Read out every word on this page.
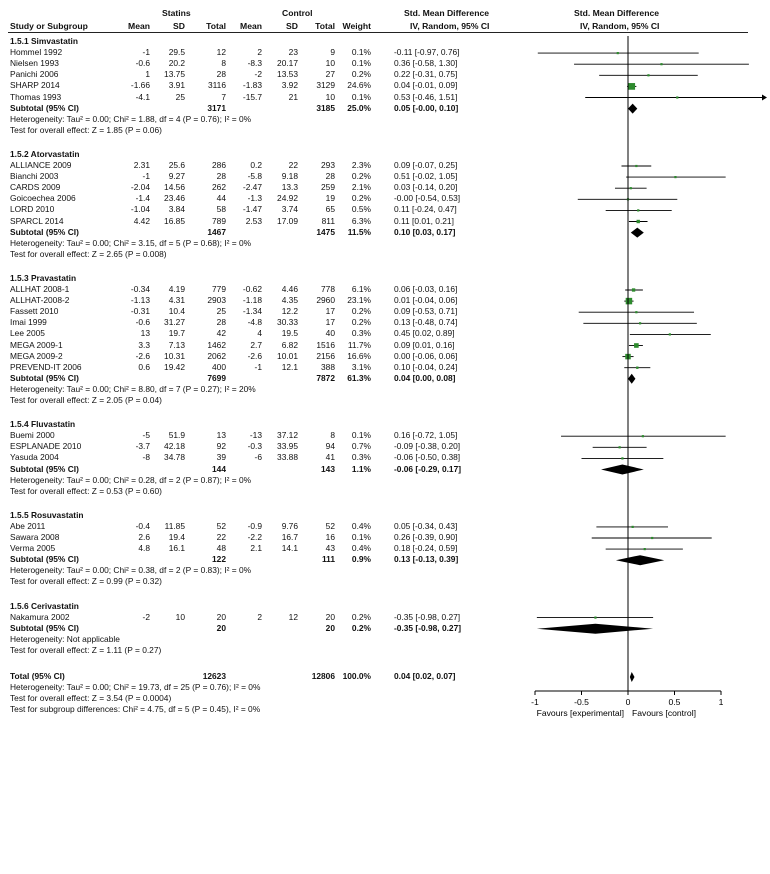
Statins	Control	Std. Mean Difference
Study or Subgroup	Mean	SD	Total	Mean	SD	Total Weight	IV, Random, 95% CI
Std. Mean Difference
IV, Random, 95% CI
1.5.1 Simvastatin
Hommel 1992	-1	29.5	12	2	23	9	0.1%	-0.11 [-0.97, 0.76]
Nielsen 1993	-0.6	20.2	8	-8.3	20.17	10	0.1%	0.36 [-0.58, 1.30]
Panichi 2006	1	13.75	28	-2	13.53	27	0.2%	0.22 [-0.31, 0.75]
SHARP 2014	-1.66	3.91	3116	-1.83	3.92	3129	24.6%	0.04 [-0.01, 0.09]
Thomas 1993	-4.1	25	7	-15.7	21	10	0.1%	0.53 [-0.46, 1.51]
Subtotal (95% CI)	3171	3185	25.0%	0.05 [-0.00, 0.10]
Heterogeneity: Tau² = 0.00; Chi² = 1.88, df = 4 (P = 0.76); I² = 0%
Test for overall effect: Z = 1.85 (P = 0.06)
1.5.2 Atorvastatin
ALLIANCE 2009	2.31	25.6	286	0.2	22	293	2.3%	0.09 [-0.07, 0.25]
Bianchi 2003	-1	9.27	28	-5.8	9.18	28	0.2%	0.51 [-0.02, 1.05]
CARDS 2009	-2.04	14.56	262	-2.47	13.3	259	2.1%	0.03 [-0.14, 0.20]
Goicoechea 2006	-1.4	23.46	44	-1.3	24.92	19	0.2%	-0.00 [-0.54, 0.53]
LORD 2010	-1.04	3.84	58	-1.47	3.74	65	0.5%	0.11 [-0.24, 0.47]
SPARCL 2014	4.42	16.85	789	2.53	17.09	811	6.3%	0.11 [0.01, 0.21]
Subtotal (95% CI)	1467	1475	11.5%	0.10 [0.03, 0.17]
Heterogeneity: Tau² = 0.00; Chi² = 3.15, df = 5 (P = 0.68); I² = 0%
Test for overall effect: Z = 2.65 (P = 0.008)
1.5.3 Pravastatin
ALLHAT 2008-1	-0.34	4.19	779	-0.62	4.46	778	6.1%	0.06 [-0.03, 0.16]
ALLHAT-2008-2	-1.13	4.31	2903	-1.18	4.35	2960	23.1%	0.01 [-0.04, 0.06]
Fassett 2010	-0.31	10.4	25	-1.34	12.2	17	0.2%	0.09 [-0.53, 0.71]
Imai 1999	-0.6	31.27	28	-4.8	30.33	17	0.2%	0.13 [-0.48, 0.74]
Lee 2005	13	19.7	42	4	19.5	40	0.3%	0.45 [0.02, 0.89]
MEGA 2009-1	3.3	7.13	1462	2.7	6.82	1516	11.7%	0.09 [0.01, 0.16]
MEGA 2009-2	-2.6	10.31	2062	-2.6	10.01	2156	16.6%	0.00 [-0.06, 0.06]
PREVEND-IT 2006	0.6	19.42	400	-1	12.1	388	3.1%	0.10 [-0.04, 0.24]
Subtotal (95% CI)	7699	7872	61.3%	0.04 [0.00, 0.08]
Heterogeneity: Tau² = 0.00; Chi² = 8.80, df = 7 (P = 0.27); I² = 20%
Test for overall effect: Z = 2.05 (P = 0.04)
1.5.4 Fluvastatin
Buemi 2000	-5	51.9	13	-13	37.12	8	0.1%	0.16 [-0.72, 1.05]
ESPLANADE 2010	-3.7	42.18	92	-0.3	33.95	94	0.7%	-0.09 [-0.38, 0.20]
Yasuda 2004	-8	34.78	39	-6	33.88	41	0.3%	-0.06 [-0.50, 0.38]
Subtotal (95% CI)	144	143	1.1%	-0.06 [-0.29, 0.17]
Heterogeneity: Tau² = 0.00; Chi² = 0.28, df = 2 (P = 0.87); I² = 0%
Test for overall effect: Z = 0.53 (P = 0.60)
1.5.5 Rosuvastatin
Abe 2011	-0.4	11.85	52	-0.9	9.76	52	0.4%	0.05 [-0.34, 0.43]
Sawara 2008	2.6	19.4	22	-2.2	16.7	16	0.1%	0.26 [-0.39, 0.90]
Verma 2005	4.8	16.1	48	2.1	14.1	43	0.4%	0.18 [-0.24, 0.59]
Subtotal (95% CI)	122	111	0.9%	0.13 [-0.13, 0.39]
Heterogeneity: Tau² = 0.00; Chi² = 0.38, df = 2 (P = 0.83); I² = 0%
Test for overall effect: Z = 0.99 (P = 0.32)
1.5.6 Cerivastatin
Nakamura 2002	-2	10	20	2	12	20	0.2%	-0.35 [-0.98, 0.27]
Subtotal (95% CI)	20	20	0.2%	-0.35 [-0.98, 0.27]
Heterogeneity: Not applicable
Test for overall effect: Z = 1.11 (P = 0.27)
Total (95% CI)	12623	12806 100.0%	0.04 [0.02, 0.07]
Heterogeneity: Tau² = 0.00; Chi² = 19.73, df = 25 (P = 0.76); I² = 0%
Test for overall effect: Z = 3.54 (P = 0.0004)
Test for subgroup differences: Chi² = 4.75, df = 5 (P = 0.45), I² = 0%
-1	-0.5	0	0.5	1
Favours [experimental] Favours [control]
